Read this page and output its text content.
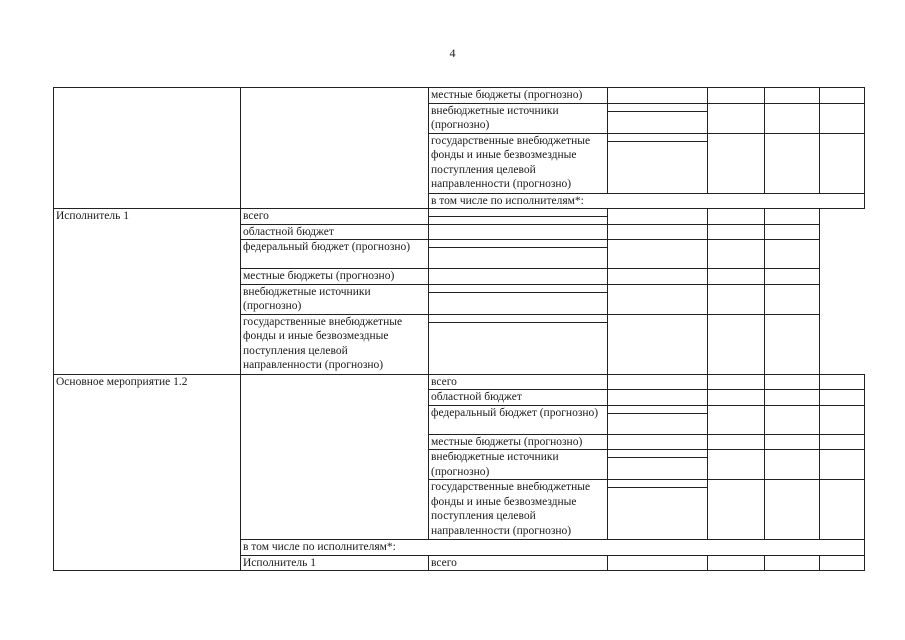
4
		местные бюджеты (прогнозно)				
		внебюджетные источники (прогнозно)	

		государственные внебюджетные фонды и иные безвозмездные поступления целевой направленности (прогнозно)	

		в том числе по исполнителям*:				
Исполнитель 1	всего		

	областной бюджет					
	федеральный бюджет (прогнозно)		

	местные бюджеты (прогнозно)					
	внебюджетные источники (прогнозно)		

	государственные внебюджетные фонды и иные безвозмездные поступления целевой направленности (прогнозно)		

Основное мероприятие 1.2		всего				
		областной бюджет				
		федеральный бюджет (прогнозно)	

		местные бюджеты (прогнозно)				
		внебюджетные источники (прогнозно)	

		государственные внебюджетные фонды и иные безвозмездные поступления целевой направленности (прогнозно)	

	в том числе по исполнителям*:					
	Исполнитель 1	всего				
